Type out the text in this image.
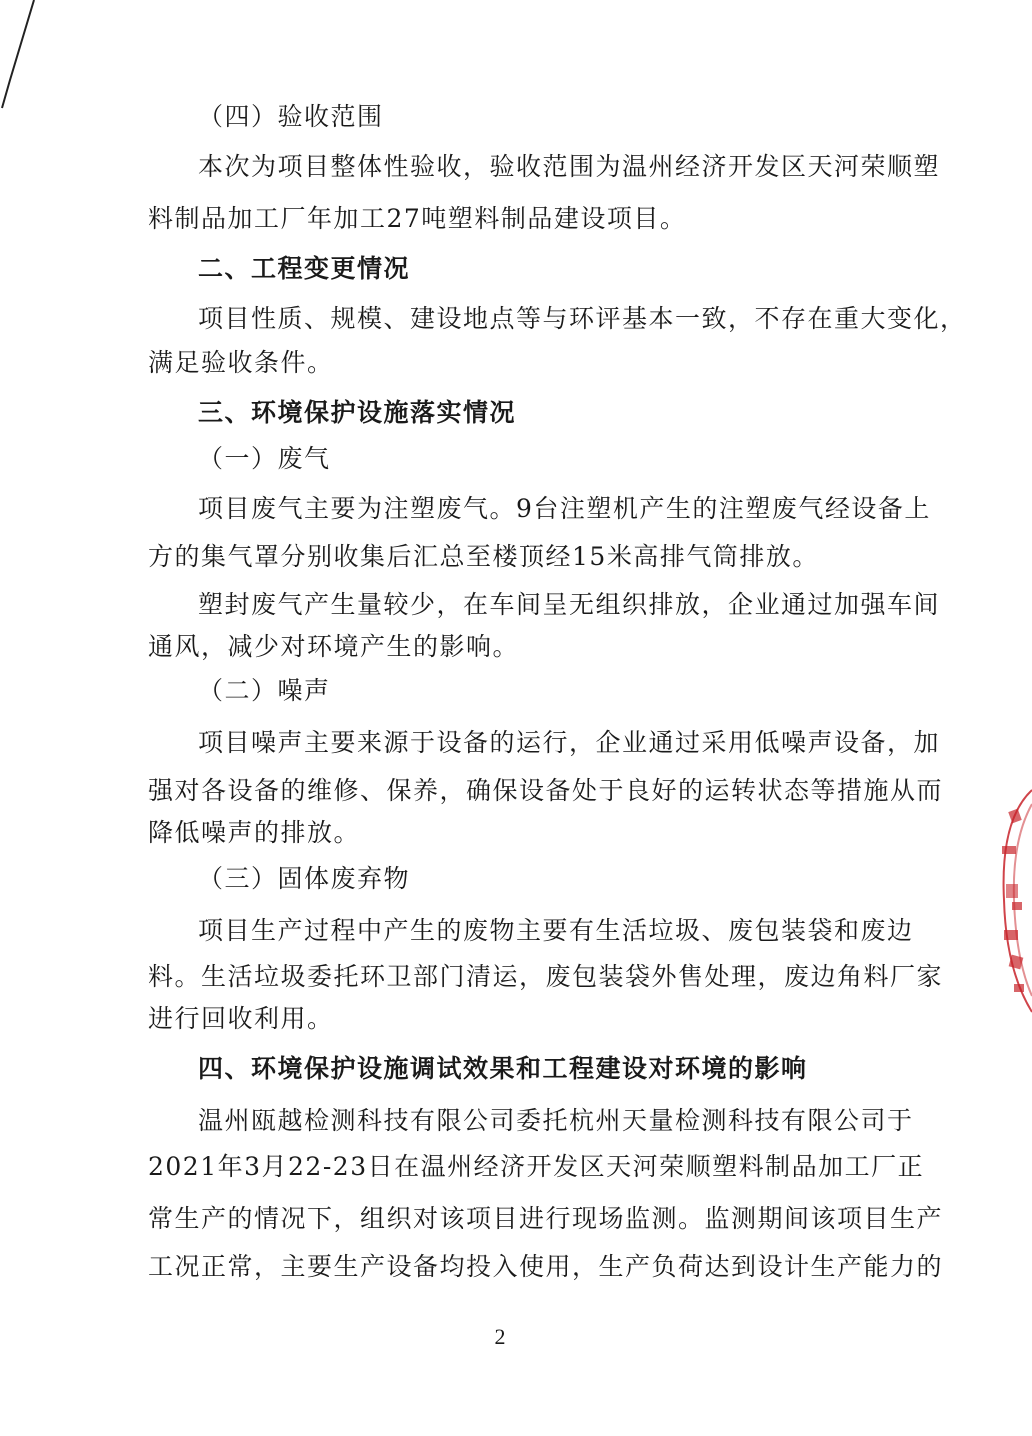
（四）验收范围
本次为项目整体性验收，验收范围为温州经济开发区天河荣顺塑
料制品加工厂年加工27吨塑料制品建设项目。
二、工程变更情况
项目性质、规模、建设地点等与环评基本一致，不存在重大变化，
满足验收条件。
三、环境保护设施落实情况
（一）废气
项目废气主要为注塑废气。9台注塑机产生的注塑废气经设备上
方的集气罩分别收集后汇总至楼顶经15米高排气筒排放。
塑封废气产生量较少，在车间呈无组织排放，企业通过加强车间
通风，减少对环境产生的影响。
（二）噪声
项目噪声主要来源于设备的运行，企业通过采用低噪声设备，加
强对各设备的维修、保养，确保设备处于良好的运转状态等措施从而
降低噪声的排放。
（三）固体废弃物
项目生产过程中产生的废物主要有生活垃圾、废包装袋和废边
料。生活垃圾委托环卫部门清运，废包装袋外售处理，废边角料厂家
进行回收利用。
四、环境保护设施调试效果和工程建设对环境的影响
温州瓯越检测科技有限公司委托杭州天量检测科技有限公司于
2021年3月22-23日在温州经济开发区天河荣顺塑料制品加工厂正
常生产的情况下，组织对该项目进行现场监测。监测期间该项目生产
工况正常，主要生产设备均投入使用，生产负荷达到设计生产能力的
2
